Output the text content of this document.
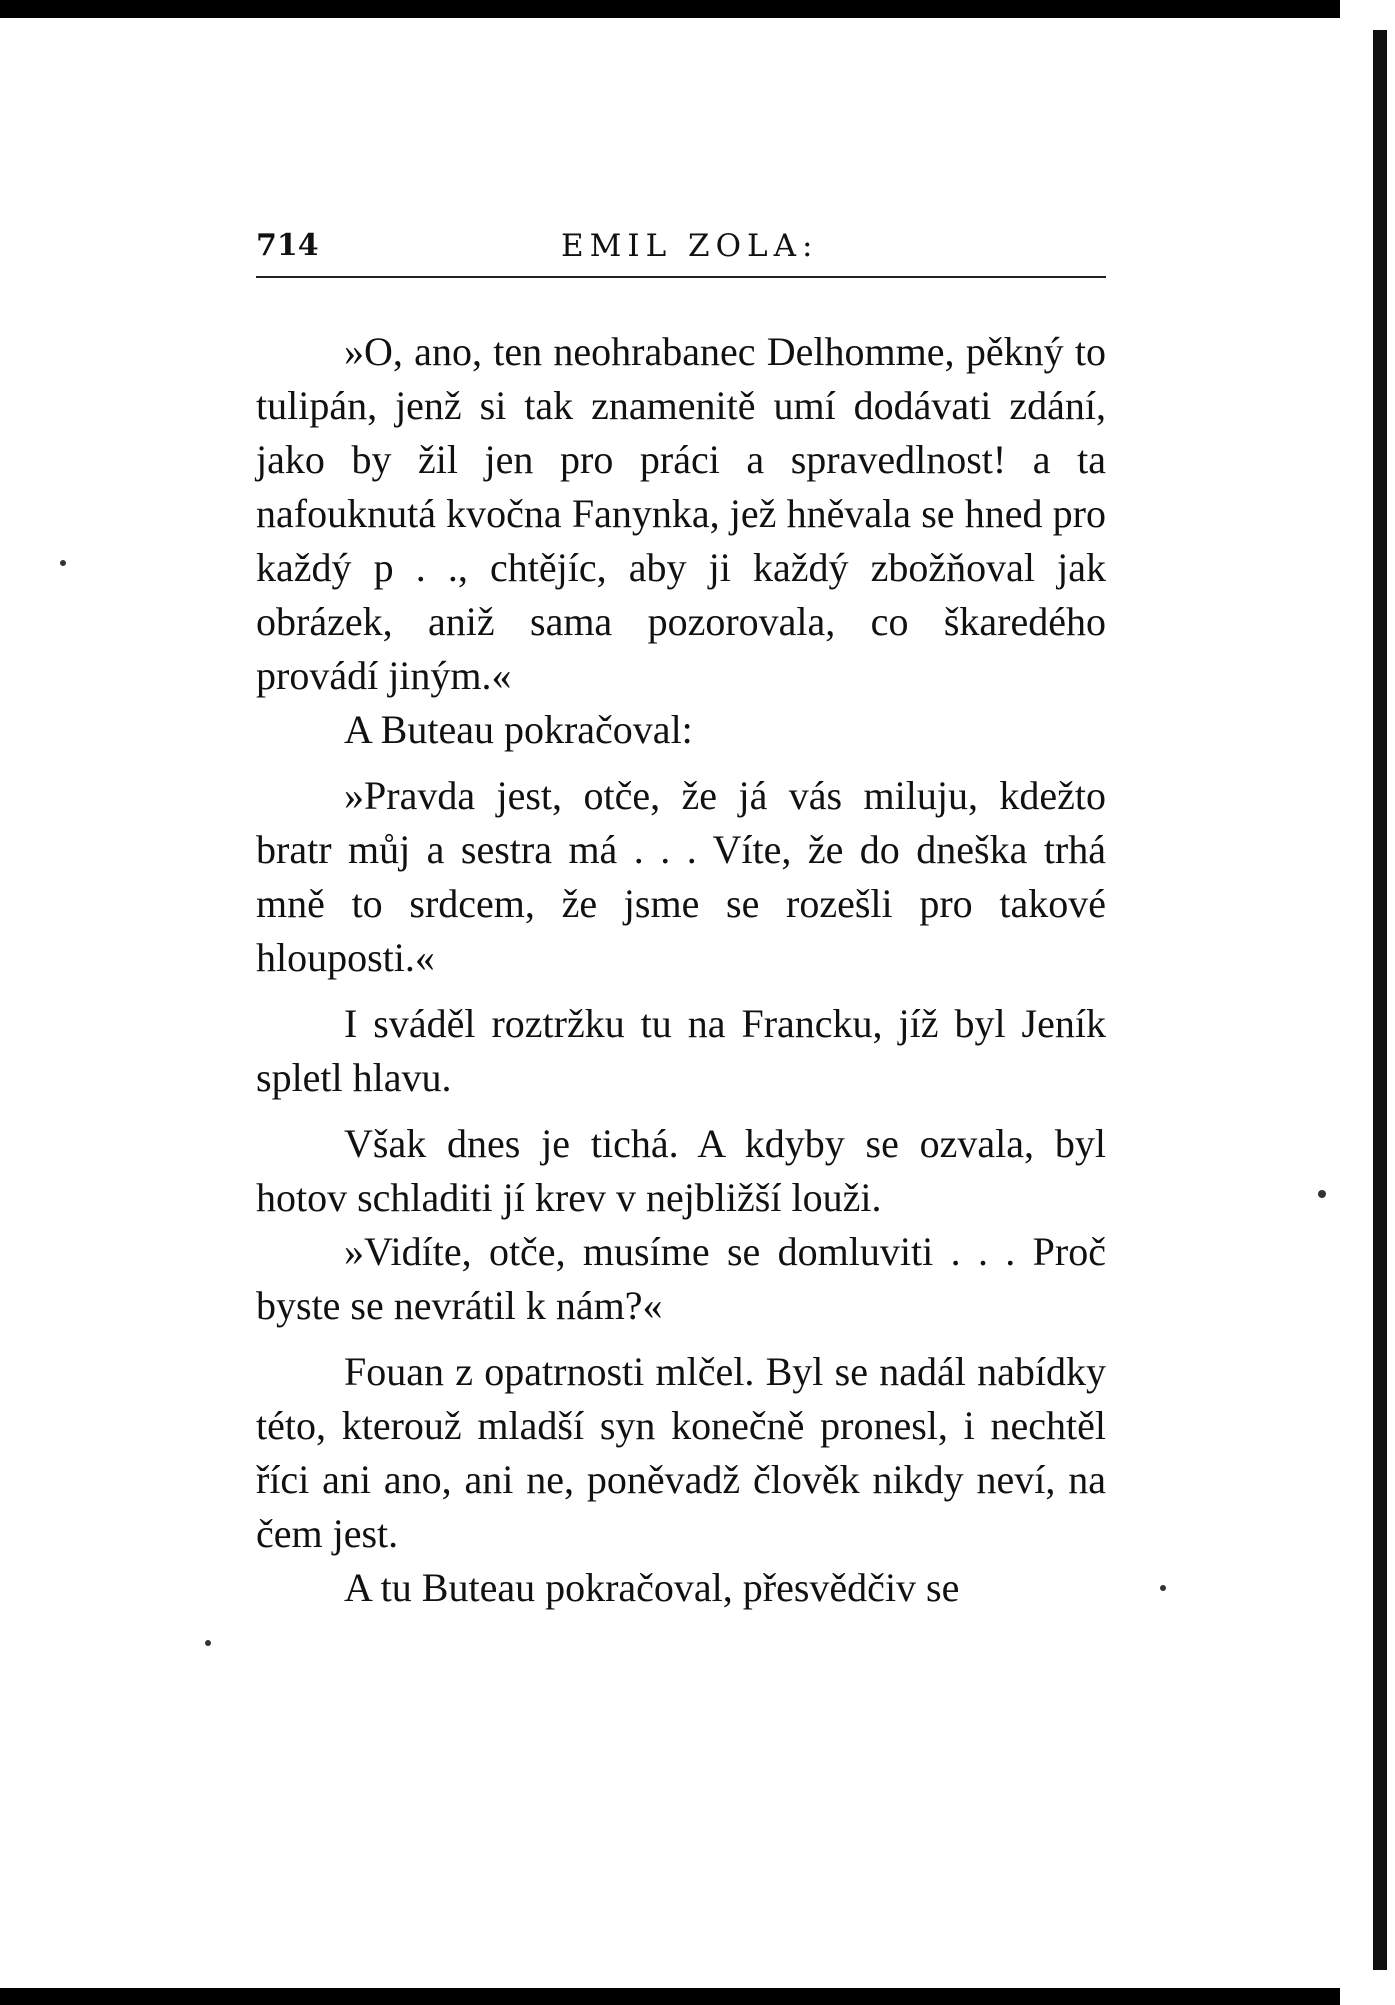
714	EMIL ZOLA:

»O, ano, ten neohrabanec Delhomme, pěkný to tulipán, jenž si tak znamenitě umí dodávati zdání, jako by žil jen pro práci a spravedlnost! a ta nafouknutá kvočna Fanynka, jež hněvala se hned pro každý p . ., chtějíc, aby ji každý zbožňoval jak obrázek, aniž sama pozorovala, co škaredého provádí jiným.«

A Buteau pokračoval:

»Pravda jest, otče, že já vás miluju, kdežto bratr můj a sestra má . . . Víte, že do dneška trhá mně to srdcem, že jsme se rozešli pro takové hlouposti.«

I sváděl roztržku tu na Francku, jíž byl Jeník spletl hlavu.

Však dnes je tichá. A kdyby se ozvala, byl hotov schladiti jí krev v nejbližší louži.

»Vidíte, otče, musíme se domluviti . . . Proč byste se nevrátil k nám?«

Fouan z opatrnosti mlčel. Byl se nadál nabídky této, kterouž mladší syn konečně pronesl, i nechtěl říci ani ano, ani ne, poněvadž člověk nikdy neví, na čem jest.

A tu Buteau pokračoval, přesvědčiv se
